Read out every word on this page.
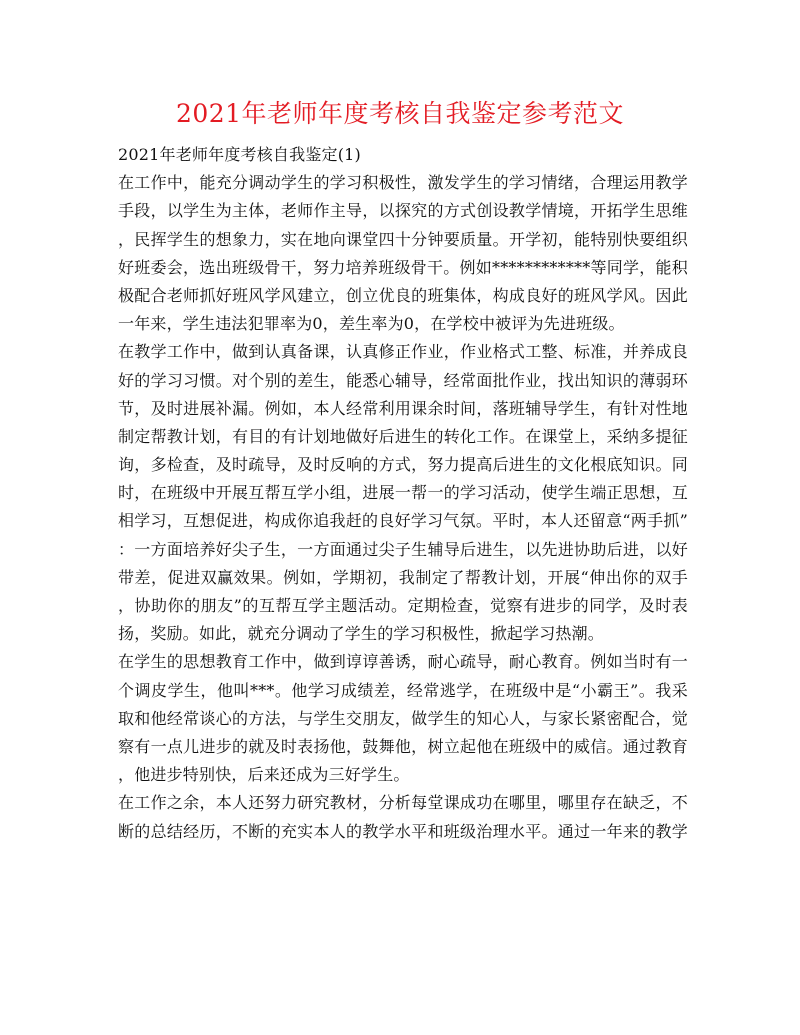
2021年老师年度考核自我鉴定参考范文
2021年老师年度考核自我鉴定(1)
在工作中，能充分调动学生的学习积极性，激发学生的学习情绪，合理运用教学
手段，以学生为主体，老师作主导，以探究的方式创设教学情境，开拓学生思维
，民挥学生的想象力，实在地向课堂四十分钟要质量。开学初，能特别快要组织
好班委会，选出班级骨干，努力培养班级骨干。例如************等同学，能积
极配合老师抓好班风学风建立，创立优良的班集体，构成良好的班风学风。因此
一年来，学生违法犯罪率为0，差生率为0，在学校中被评为先进班级。
在教学工作中，做到认真备课，认真修正作业，作业格式工整、标准，并养成良
好的学习习惯。对个别的差生，能悉心辅导，经常面批作业，找出知识的薄弱环
节，及时进展补漏。例如，本人经常利用课余时间，落班辅导学生，有针对性地
制定帮教计划，有目的有计划地做好后进生的转化工作。在课堂上，采纳多提征
询，多检查，及时疏导，及时反响的方式，努力提高后进生的文化根底知识。同
时，在班级中开展互帮互学小组，进展一帮一的学习活动，使学生端正思想，互
相学习，互想促进，构成你追我赶的良好学习气氛。平时，本人还留意“两手抓”
：一方面培养好尖子生，一方面通过尖子生辅导后进生，以先进协助后进，以好
带差，促进双赢效果。例如，学期初，我制定了帮教计划，开展“伸出你的双手
，协助你的朋友”的互帮互学主题活动。定期检查，觉察有进步的同学，及时表
扬，奖励。如此，就充分调动了学生的学习积极性，掀起学习热潮。
在学生的思想教育工作中，做到谆谆善诱，耐心疏导，耐心教育。例如当时有一
个调皮学生，他叫***。他学习成绩差，经常逃学，在班级中是“小霸王”。我采
取和他经常谈心的方法，与学生交朋友，做学生的知心人，与家长紧密配合，觉
察有一点儿进步的就及时表扬他，鼓舞他，树立起他在班级中的威信。通过教育
，他进步特别快，后来还成为三好学生。
在工作之余，本人还努力研究教材，分析每堂课成功在哪里，哪里存在缺乏，不
断的总结经历，不断的充实本人的教学水平和班级治理水平。通过一年来的教学
